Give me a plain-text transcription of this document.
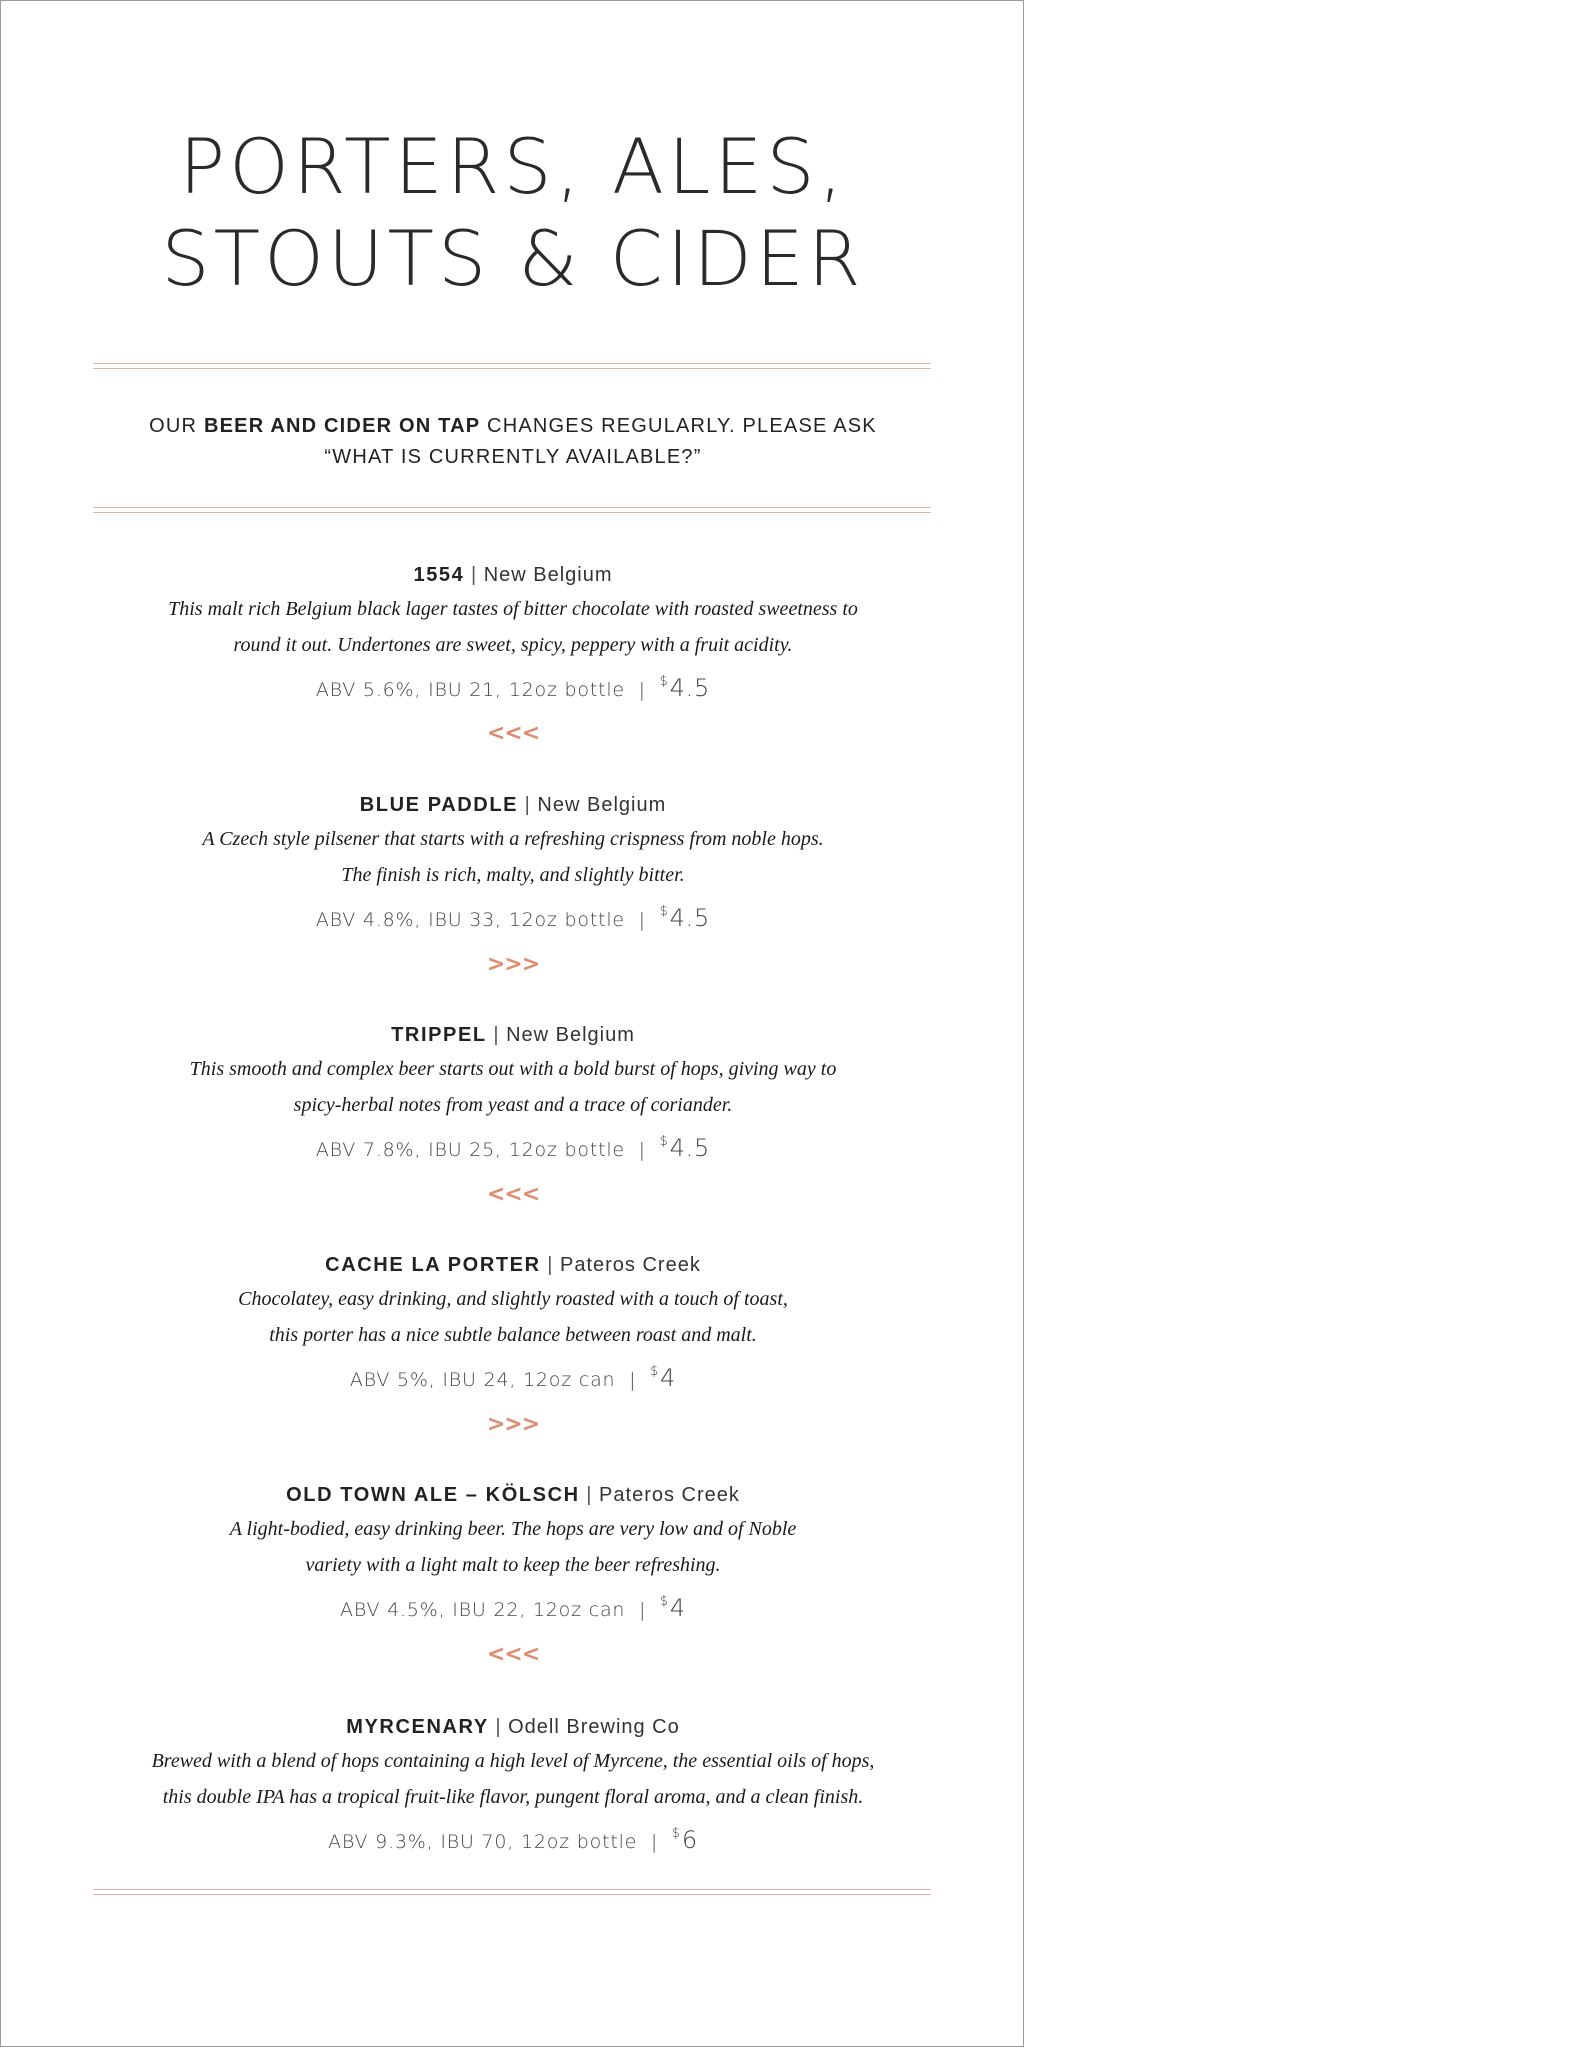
PORTERS, ALES,
STOUTS & CIDER
OUR BEER AND CIDER ON TAP CHANGES REGULARLY. PLEASE ASK
“WHAT IS CURRENTLY AVAILABLE?”
1554 | New Belgium
This malt rich Belgium black lager tastes of bitter chocolate with roasted sweetness to
round it out. Undertones are sweet, spicy, peppery with a fruit acidity.
ABV 5.6%, IBU 21, 12oz bottle | $4.5
<<<
BLUE PADDLE | New Belgium
A Czech style pilsener that starts with a refreshing crispness from noble hops.
The finish is rich, malty, and slightly bitter.
ABV 4.8%, IBU 33, 12oz bottle | $4.5
>>>
TRIPPEL | New Belgium
This smooth and complex beer starts out with a bold burst of hops, giving way to
spicy-herbal notes from yeast and a trace of coriander.
ABV 7.8%, IBU 25, 12oz bottle | $4.5
<<<
CACHE LA PORTER | Pateros Creek
Chocolatey, easy drinking, and slightly roasted with a touch of toast,
this porter has a nice subtle balance between roast and malt.
ABV 5%, IBU 24, 12oz can | $4
>>>
OLD TOWN ALE – KÖLSCH | Pateros Creek
A light-bodied, easy drinking beer. The hops are very low and of Noble
variety with a light malt to keep the beer refreshing.
ABV 4.5%, IBU 22, 12oz can | $4
<<<
MYRCENARY | Odell Brewing Co
Brewed with a blend of hops containing a high level of Myrcene, the essential oils of hops,
this double IPA has a tropical fruit-like flavor, pungent floral aroma, and a clean finish.
ABV 9.3%, IBU 70, 12oz bottle | $6
